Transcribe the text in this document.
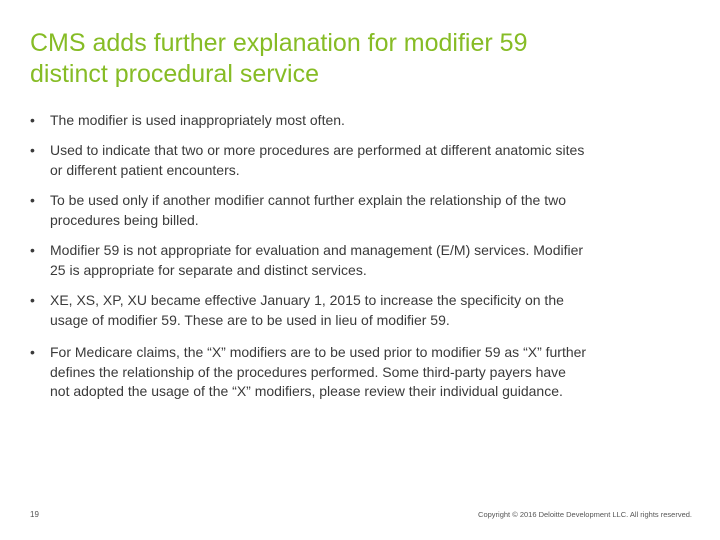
CMS adds further explanation for modifier 59
distinct procedural service
•	The modifier is used inappropriately most often.
•	Used to indicate that two or more procedures are performed at different anatomic sites
or different patient encounters.
•	To be used only if another modifier cannot further explain the relationship of the two
procedures being billed.
•	Modifier 59 is not appropriate for evaluation and management (E/M) services. Modifier
25 is appropriate for separate and distinct services.
•	XE, XS, XP, XU became effective January 1, 2015 to increase the specificity on the
usage of modifier 59. These are to be used in lieu of modifier 59.
•	For Medicare claims, the “X” modifiers are to be used prior to modifier 59 as “X” further
defines the relationship of the procedures performed. Some third-party payers have
not adopted the usage of the “X” modifiers, please review their individual guidance.
19	Copyright © 2016 Deloitte Development LLC. All rights reserved.
